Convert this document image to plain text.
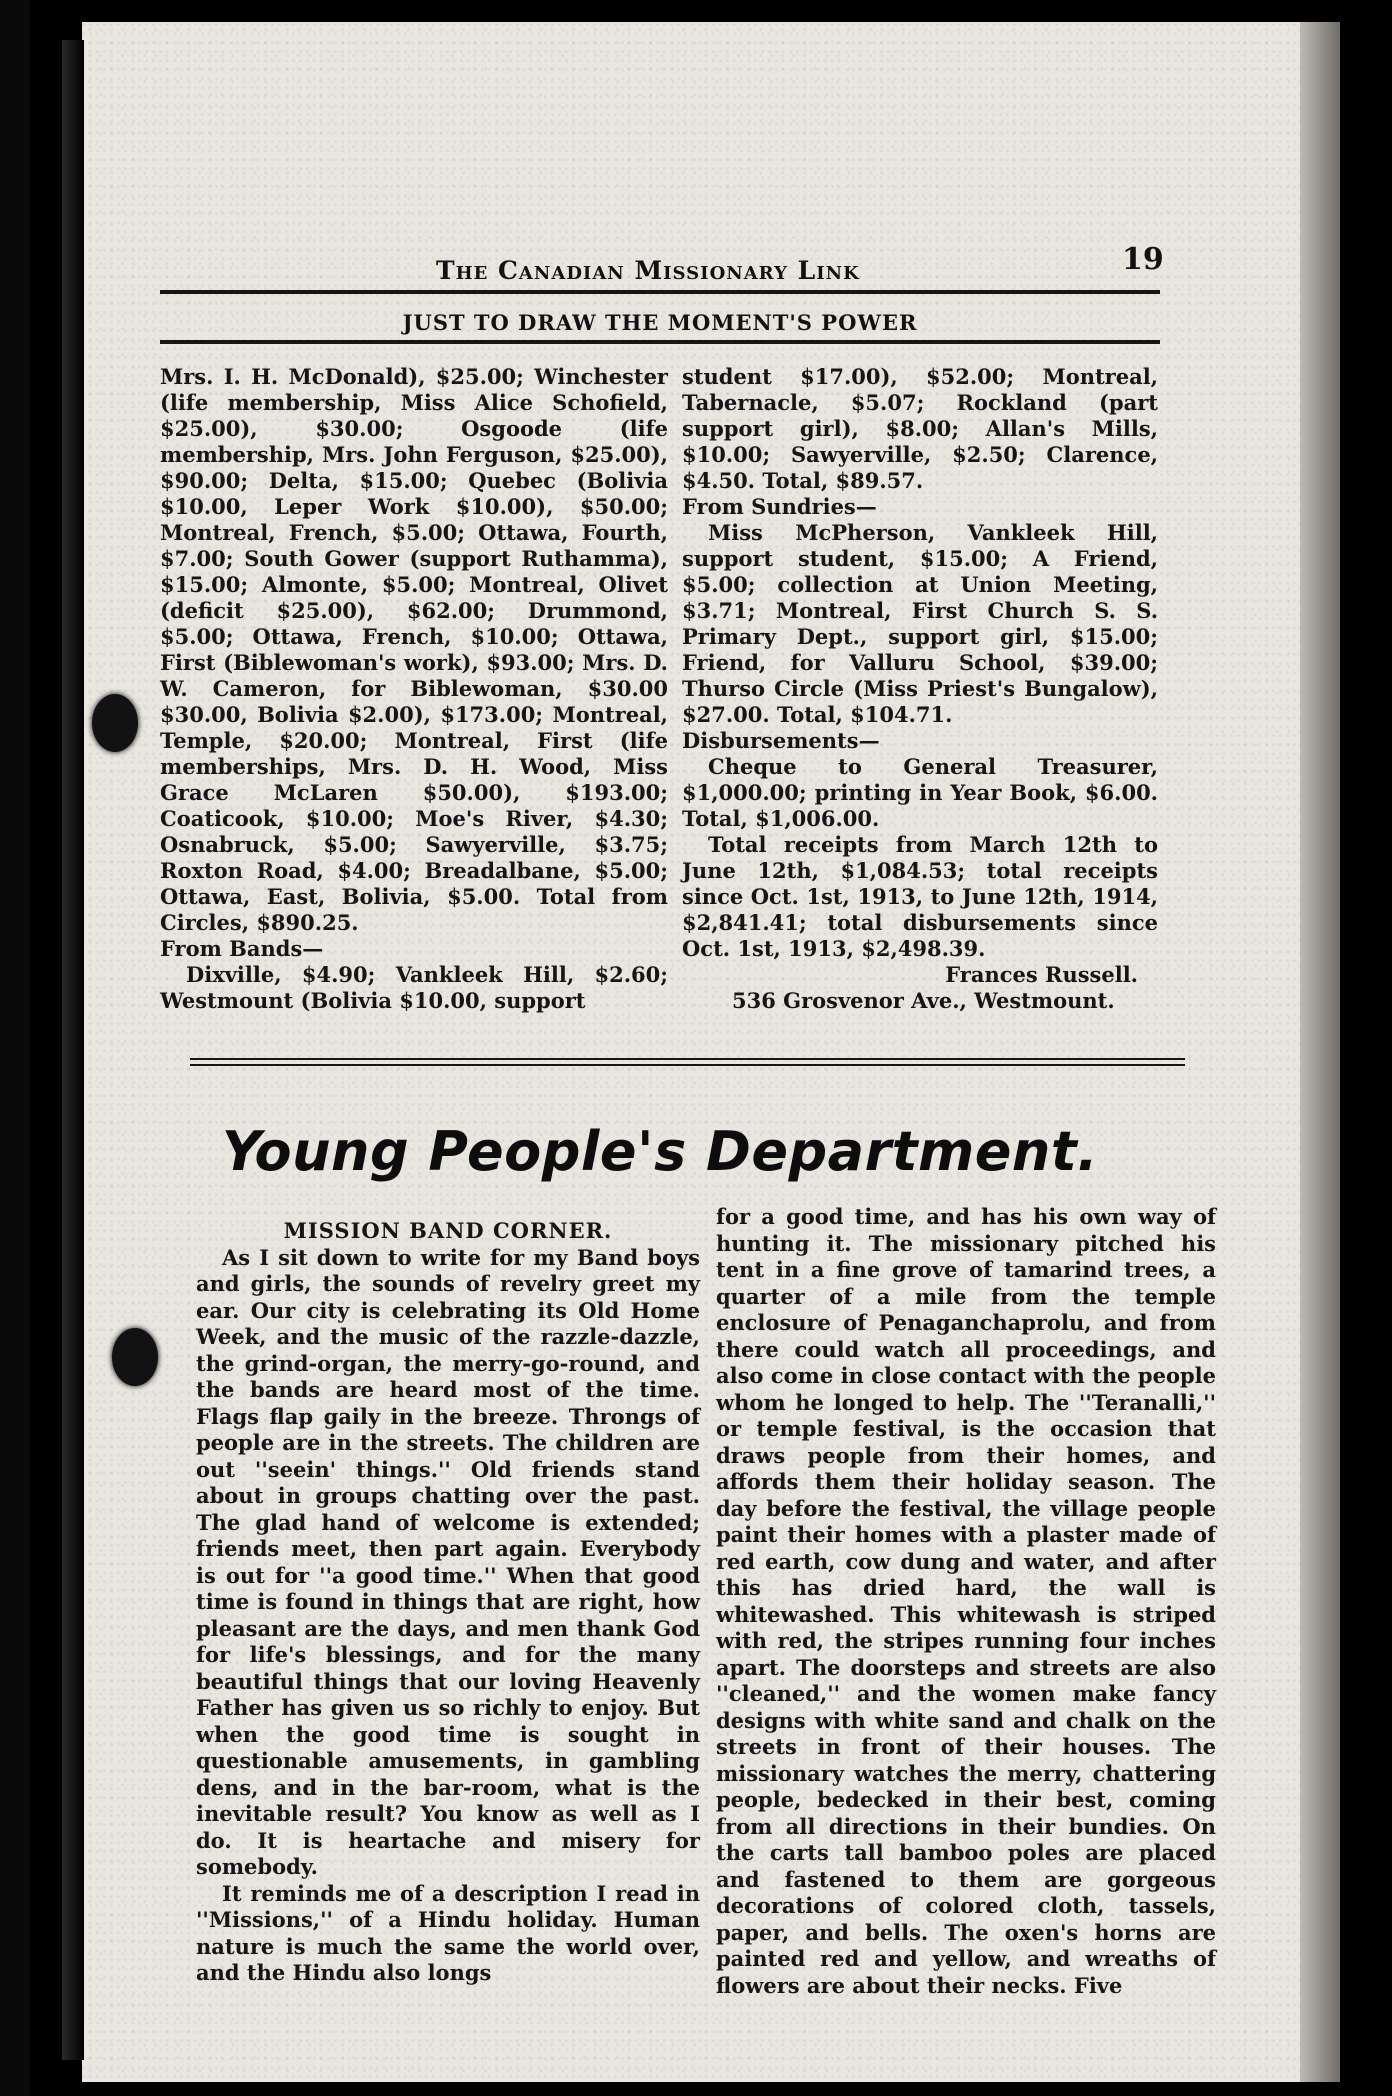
The Canadian Missionary Link	19
JUST TO DRAW THE MOMENT'S POWER

Mrs. I. H. McDonald), $25.00; Winchester (life membership, Miss Alice Schofield, $25.00), $30.00; Osgoode (life membership, Mrs. John Ferguson, $25.00), $90.00; Delta, $15.00; Quebec (Bolivia $10.00, Leper Work $10.00), $50.00; Montreal, French, $5.00; Ottawa, Fourth, $7.00; South Gower (support Ruthamma), $15.00; Almonte, $5.00; Montreal, Olivet (deficit $25.00), $62.00; Drummond, $5.00; Ottawa, French, $10.00; Ottawa, First (Biblewoman's work), $93.00; Mrs. D. W. Cameron, for Biblewoman, $30.00 $30.00, Bolivia $2.00), $173.00; Montreal, Temple, $20.00; Montreal, First (life memberships, Mrs. D. H. Wood, Miss Grace McLaren $50.00), $193.00; Coaticook, $10.00; Moe's River, $4.30; Osnabruck, $5.00; Sawyerville, $3.75; Roxton Road, $4.00; Breadalbane, $5.00; Ottawa, East, Bolivia, $5.00. Total from Circles, $890.25.

From Bands—

Dixville, $4.90; Vankleek Hill, $2.60; Westmount (Bolivia $10.00, support

student $17.00), $52.00; Montreal, Tabernacle, $5.07; Rockland (part support girl), $8.00; Allan's Mills, $10.00; Sawyerville, $2.50; Clarence, $4.50. Total, $89.57.

From Sundries—

Miss McPherson, Vankleek Hill, support student, $15.00; A Friend, $5.00; collection at Union Meeting, $3.71; Montreal, First Church S. S. Primary Dept., support girl, $15.00; Friend, for Valluru School, $39.00; Thurso Circle (Miss Priest's Bungalow), $27.00. Total, $104.71.

Disbursements—

Cheque to General Treasurer, $1,000.00; printing in Year Book, $6.00. Total, $1,006.00.

Total receipts from March 12th to June 12th, $1,084.53; total receipts since Oct. 1st, 1913, to June 12th, 1914, $2,841.41; total disbursements since Oct. 1st, 1913, $2,498.39.

Frances Russell.

536 Grosvenor Ave., Westmount.

Young People's Department.

MISSION BAND CORNER.

As I sit down to write for my Band boys and girls, the sounds of revelry greet my ear. Our city is celebrating its Old Home Week, and the music of the razzle-dazzle, the grind-organ, the merry-go-round, and the bands are heard most of the time. Flags flap gaily in the breeze. Throngs of people are in the streets. The children are out ''seein' things.'' Old friends stand about in groups chatting over the past. The glad hand of welcome is extended; friends meet, then part again. Everybody is out for ''a good time.'' When that good time is found in things that are right, how pleasant are the days, and men thank God for life's blessings, and for the many beautiful things that our loving Heavenly Father has given us so richly to enjoy. But when the good time is sought in questionable amusements, in gambling dens, and in the bar-room, what is the inevitable result? You know as well as I do. It is heartache and misery for somebody.

It reminds me of a description I read in ''Missions,'' of a Hindu holiday. Human nature is much the same the world over, and the Hindu also longs

for a good time, and has his own way of hunting it. The missionary pitched his tent in a fine grove of tamarind trees, a quarter of a mile from the temple enclosure of Penaganchaprolu, and from there could watch all proceedings, and also come in close contact with the people whom he longed to help. The ''Teranalli,'' or temple festival, is the occasion that draws people from their homes, and affords them their holiday season. The day before the festival, the village people paint their homes with a plaster made of red earth, cow dung and water, and after this has dried hard, the wall is whitewashed. This whitewash is striped with red, the stripes running four inches apart. The doorsteps and streets are also ''cleaned,'' and the women make fancy designs with white sand and chalk on the streets in front of their houses. The missionary watches the merry, chattering people, bedecked in their best, coming from all directions in their bundies. On the carts tall bamboo poles are placed and fastened to them are gorgeous decorations of colored cloth, tassels, paper, and bells. The oxen's horns are painted red and yellow, and wreaths of flowers are about their necks. Five
